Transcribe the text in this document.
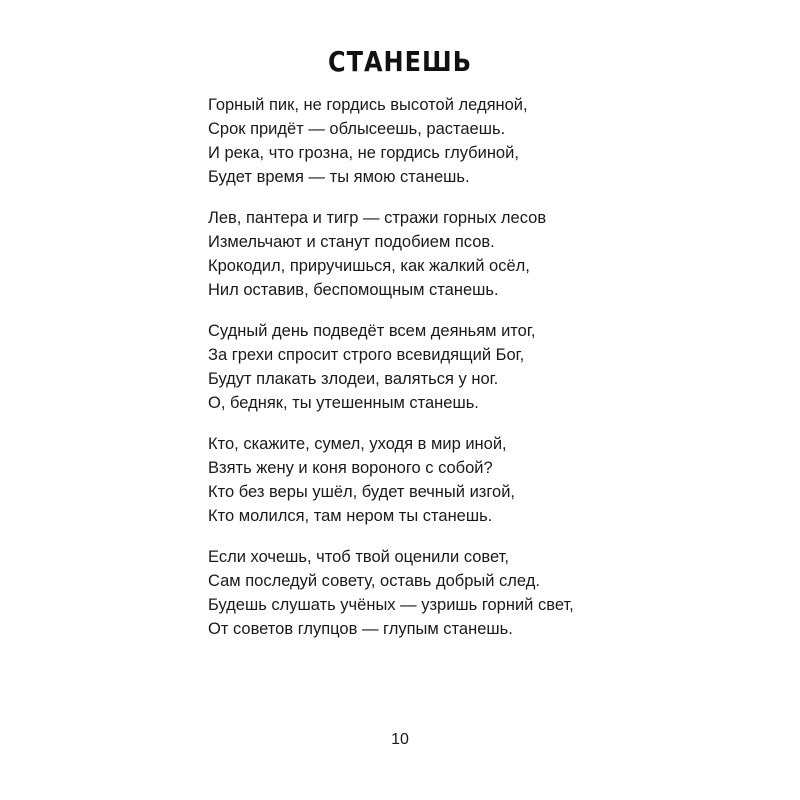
СТАНЕШЬ
Горный пик, не гордись высотой ледяной,
Срок придёт — облысеешь, растаешь.
И река, что грозна, не гордись глубиной,
Будет время — ты ямою станешь.
Лев, пантера и тигр — стражи горных лесов
Измельчают и станут подобием псов.
Крокодил, приручишься, как жалкий осёл,
Нил оставив, беспомощным станешь.
Судный день подведёт всем деяньям итог,
За грехи спросит строго всевидящий Бог,
Будут плакать злодеи, валяться у ног.
О, бедняк, ты утешенным станешь.
Кто, скажите, сумел, уходя в мир иной,
Взять жену и коня вороного с собой?
Кто без веры ушёл, будет вечный изгой,
Кто молился, там нером ты станешь.
Если хочешь, чтоб твой оценили совет,
Сам последуй совету, оставь добрый след.
Будешь слушать учёных — узришь горний свет,
От советов глупцов — глупым станешь.
10
